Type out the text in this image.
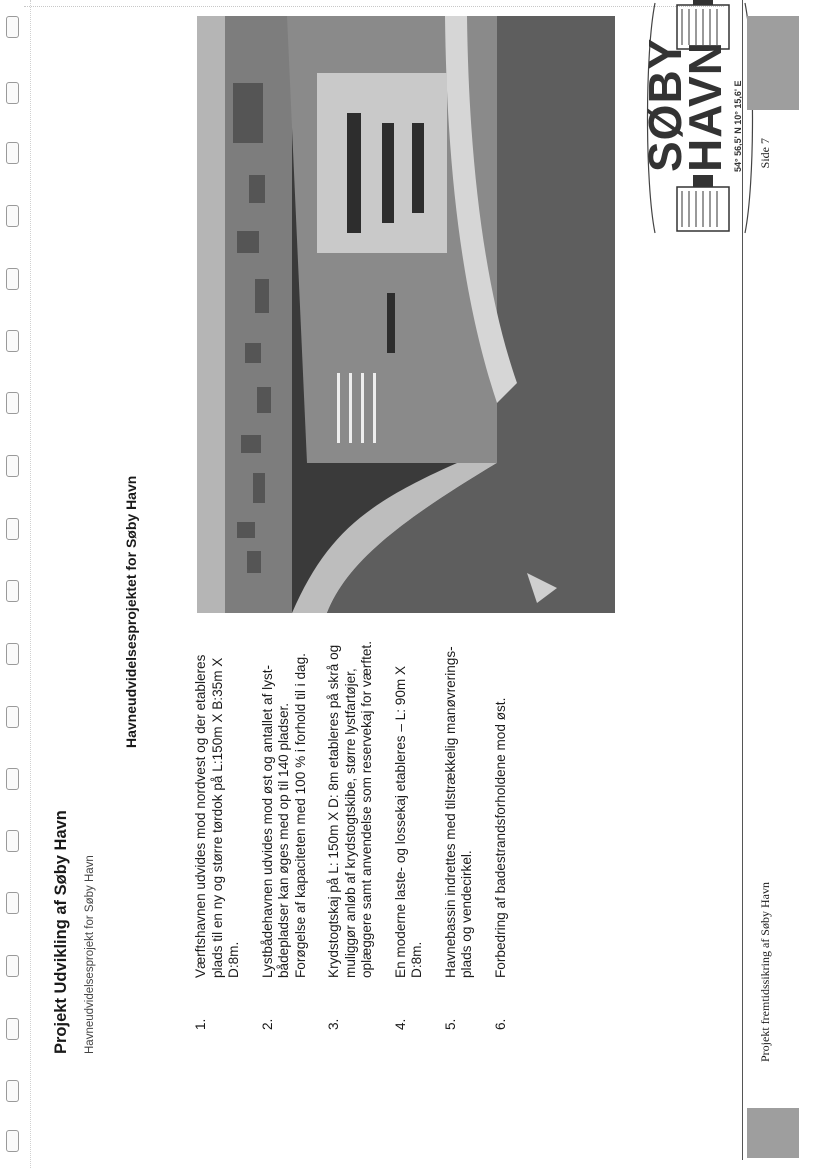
Projekt Udvikling af Søby Havn Havneudvidelsesprojekt for Søby Havn
Havneudvidelsesprojektet for Søby Havn
1.
Værftshavnen udvides mod nordvest og der etableres
plads til en ny og større tørdok på L:150m X B:35m X
D:8m.
2.
Lystbådehavnen udvides mod øst og antallet af lyst-
bådepladser kan øges med op til 140 pladser.
Forøgelse af kapaciteten med 100 % i forhold til i dag.
3.
Krydstogtskaj på L: 150m X D: 8m etableres på skrå og
muliggør anløb af krydstogtskibe, større lystfartøjer,
oplæggere samt anvendelse som reservekaj for værftet.
4.
En moderne laste- og lossekaj etableres – L: 90m X
D:8m.
5.
Havnebassin indrettes med tilstrækkelig manøvrerings-
plads og vendecirkel.
6.
Forbedring af badestrandsforholdene mod øst.
SØBY
HAVN 54° 56,5' N 10° 15,6' E
Projekt fremtidssikring af Søby Havn
Side 7
